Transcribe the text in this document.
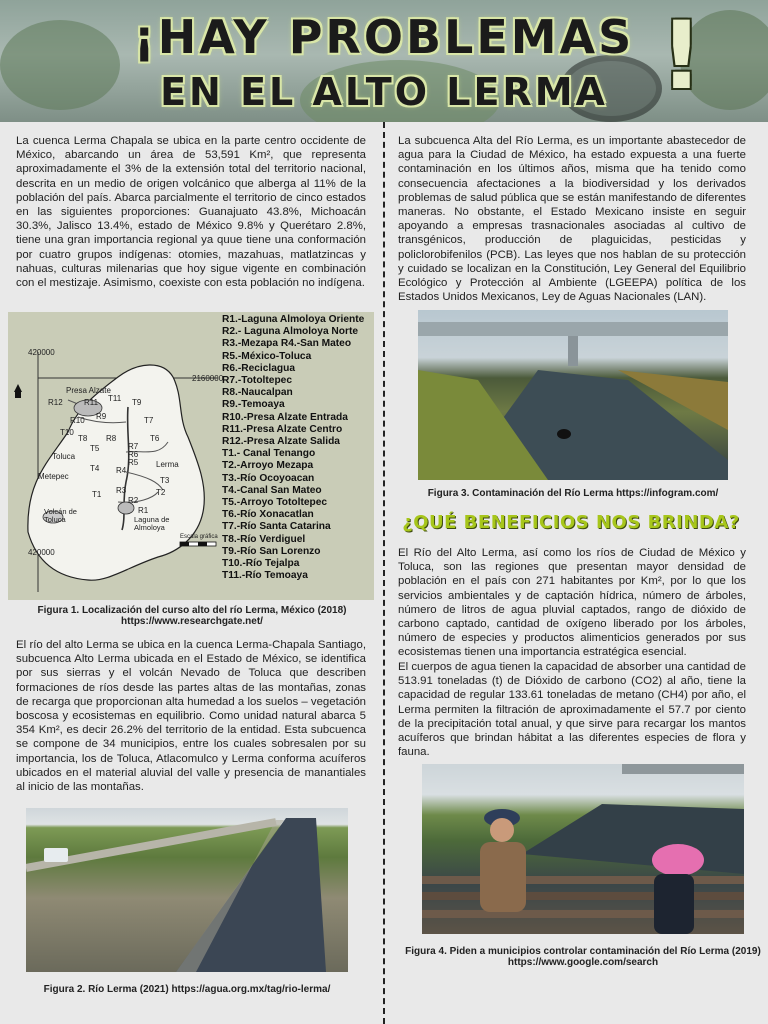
¡HAY PROBLEMAS
EN EL ALTO LERMA !

La cuenca Lerma Chapala se ubica en la parte centro occidente de México, abarcando un área de 53,591 Km², que representa aproximadamente el 3% de la extensión total del territorio nacional, descrita en un medio de origen volcánico que alberga al 11% de la población del país. Abarca parcialmente el territorio de cinco estados en las siguientes proporciones: Guanajuato 43.8%, Michoacán 30.3%, Jalisco 13.4%, estado de México 9.8% y Querétaro 2.8%, tiene una gran importancia regional ya quue tiene una conformación por cuatro grupos indígenas: otomies, mazahuas, matlatzincas y nahuas, culturas milenarias que hoy sigue vigente en combinación con el mestizaje. Asimismo, coexiste con esta población no indígena.

420000
420000
2160000
Presa Alzate
Toluca
Metepec
Lerma
Volcán de Toluca	Laguna de Almoloya
Escala gráfica
R12	R11 T11 T9
R10 R9	T7
T10
T8 R8	T6
T5	R7
R6
R5
T4 R4
T3
R3	T2
T1
R2
R1
R1.-Laguna Almoloya Oriente
R2.- Laguna Almoloya Norte
R3.-Mezapa R4.-San Mateo
R5.-México-Toluca
R6.-Reciclagua
R7.-Totoltepec
R8.-Naucalpan
R9.-Temoaya
R10.-Presa Alzate Entrada
R11.-Presa Alzate Centro
R12.-Presa Alzate Salida
T1.- Canal Tenango
T2.-Arroyo Mezapa
T3.-Río Ocoyoacan
T4.-Canal San Mateo
T5.-Arroyo Totoltepec
T6.-Río Xonacatlan
T7.-Río Santa Catarina
T8.-Río Verdiguel
T9.-Río San Lorenzo
T10.-Río Tejalpa
T11.-Río Temoaya
Figura 1. Localización del curso alto del río Lerma, México (2018)
https://www.researchgate.net/

El río del alto Lerma se ubica en la cuenca Lerma-Chapala Santiago, subcuenca Alto Lerma ubicada en el Estado de México, se identifica por sus sierras y el volcán Nevado de Toluca que describen formaciones de ríos desde las partes altas de las montañas, zonas de recarga que proporcionan alta humedad a los suelos – vegetación boscosa y ecosistemas en equilibrio. Como unidad natural abarca 5 354 Km², es decir 26.2% del territorio de la entidad. Esta subcuenca se compone de 34 municipios, entre los cuales sobresalen por su importancia, los de Toluca, Atlacomulco y Lerma conforma acuíferos ubicados en el material aluvial del valle y presencia de manantiales al inicio de las montañas.

Figura 2. Río Lerma (2021) https://agua.org.mx/tag/rio-lerma/

La subcuenca Alta del Río Lerma, es un importante abastecedor de agua para la Ciudad de México, ha estado expuesta a una fuerte contaminación en los últimos años, misma que ha tenido como consecuencia afectaciones a la biodiversidad y los derivados problemas de salud pública que se están manifestando de diferentes maneras. No obstante, el Estado Mexicano insiste en seguir apoyando a empresas trasnacionales asociadas al cultivo de transgénicos, producción de plaguicidas, pesticidas y policlorobifenilos (PCB). Las leyes que nos hablan de su protección y cuidado se localizan en la Constitución, Ley General del Equilibrio Ecológico y Protección al Ambiente (LGEEPA) política de los Estados Unidos Mexicanos, Ley de Aguas Nacionales (LAN).

Figura 3. Contaminación del Río Lerma https://infogram.com/
¿QUÉ BENEFICIOS NOS BRINDA?

El Río del Alto Lerma, así como los ríos de Ciudad de México y Toluca, son las regiones que presentan mayor densidad de población en el país con 271 habitantes por Km², por lo que los servicios ambientales y de captación hídrica, número de árboles, número de litros de agua pluvial captados, rango de dióxido de carbono captado, cantidad de oxígeno liberado por los árboles, número de especies y productos alimenticios generados por sus ecosistemas tienen una importancia estratégica esencial.

El cuerpos de agua tienen la capacidad de absorber una cantidad de 513.91 toneladas (t) de Dióxido de carbono (CO2) al año, tiene la capacidad de regular 133.61 toneladas de metano (CH4) por año, el Lerma permiten la filtración de aproximadamente el 57.7 por ciento de la precipitación total anual, y que sirve para recargar los mantos acuíferos que brindan hábitat a las diferentes especies de flora y fauna.

Figura 4. Piden a municipios controlar contaminación del Río Lerma (2019)
https://www.google.com/search
